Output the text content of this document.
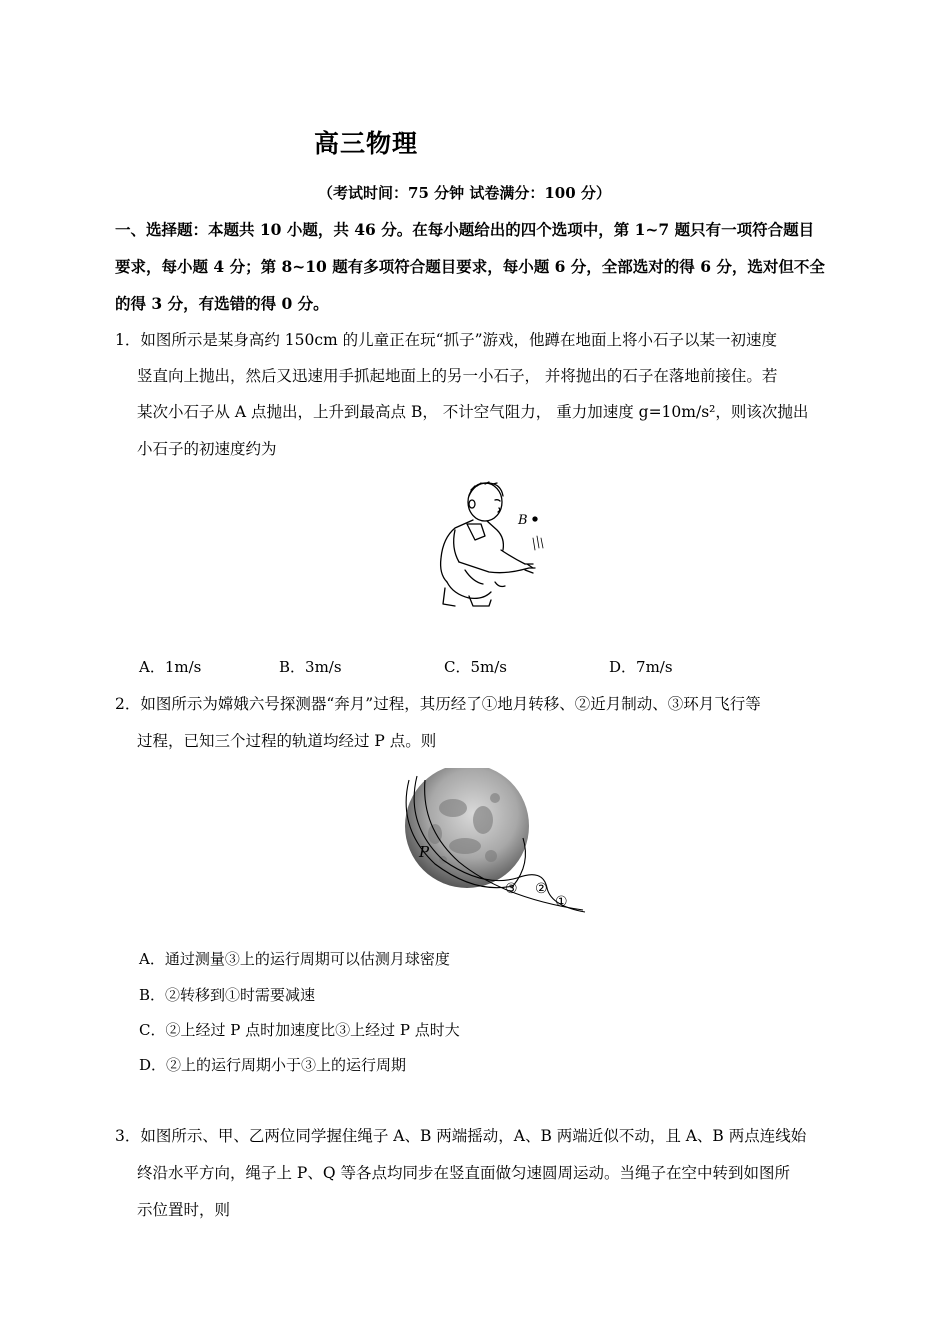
高三物理
（考试时间：75 分钟 试卷满分：100 分）
一、选择题：本题共 10 小题，共 46 分。在每小题给出的四个选项中，第 1~7 题只有一项符合题目
要求，每小题 4 分；第 8~10 题有多项符合题目要求，每小题 6 分，全部选对的得 6 分，选对但不全
的得 3 分，有选错的得 0 分。
1．如图所示是某身高约 150cm 的儿童正在玩“抓子”游戏，他蹲在地面上将小石子以某一初速度
竖直向上抛出，然后又迅速用手抓起地面上的另一小石子， 并将抛出的石子在落地前接住。若
某次小石子从 A 点抛出，上升到最高点 B， 不计空气阻力， 重力加速度 g=10m/s²，则该次抛出
小石子的初速度约为
B
A．1m/s	B．3m/s	C．5m/s	D．7m/s
2．如图所示为嫦娥六号探测器“奔月”过程，其历经了①地月转移、②近月制动、③环月飞行等
过程，已知三个过程的轨道均经过 P 点。则
P
③ ②
①
A．通过测量③上的运行周期可以估测月球密度
B．②转移到①时需要减速
C．②上经过 P 点时加速度比③上经过 P 点时大
D．②上的运行周期小于③上的运行周期
3．如图所示、甲、乙两位同学握住绳子 A、B 两端摇动，A、B 两端近似不动，且 A、B 两点连线始
终沿水平方向，绳子上 P、Q 等各点均同步在竖直面做匀速圆周运动。当绳子在空中转到如图所
示位置时，则
